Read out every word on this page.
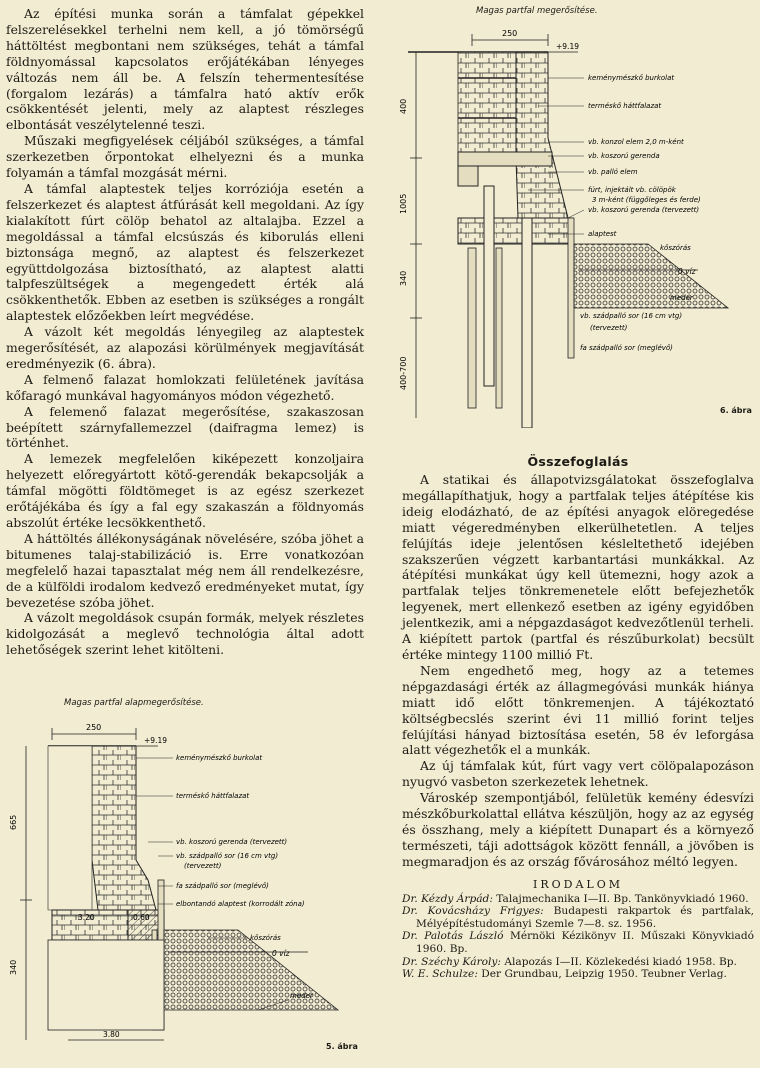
Az építési munka során a támfalat gépekkel felszerelésekkel terhelni nem kell, a jó tömörségű háttöltést megbontani nem szükséges, tehát a támfal földnyomással kapcsolatos erőjátékában lényeges változás nem áll be. A felszín tehermentesítése (forgalom lezárás) a támfalra ható aktív erők csökkentését jelenti, mely az alaptest részleges elbontását veszélytelenné teszi.

Műszaki megfigyelések céljából szükséges, a támfal szerkezetben őrpontokat elhelyezni és a munka folyamán a támfal mozgását mérni.

A támfal alaptestek teljes korróziója esetén a felszerkezet és alaptest átfúrását kell megoldani. Az így kialakított fúrt cölöp behatol az altalajba. Ezzel a megoldással a támfal elcsúszás és kiborulás elleni biztonsága megnő, az alaptest és felszerkezet együttdolgozása biztosítható, az alaptest alatti talpfeszültségek a megengedett érték alá csökkenthetők. Ebben az esetben is szükséges a rongált alaptestek előzőekben leírt megvédése.

A vázolt két megoldás lényegileg az alaptestek megerősítését, az alapozási körülmények megjavítását eredményezik (6. ábra).

A felmenő falazat homlokzati felületének javítása kőfaragó munkával hagyományos módon végezhető.

A felemenő falazat megerősítése, szakaszosan beépített szárnyfallemezzel (daifragma lemez) is történhet.

A lemezek megfelelően kiképezett konzoljaira helyezett előregyártott kötő-gerendák bekapcsolják a támfal mögötti földtömeget is az egész szerkezet erőtájékába és így a fal egy szakaszán a földnyomás abszolút értéke lecsökkenthető.

A háttöltés állékonyságának növelésére, szóba jöhet a bitumenes talaj-stabilizáció is. Erre vonatkozóan megfelelő hazai tapasztalat még nem áll rendelkezésre, de a külföldi irodalom kedvező eredményeket mutat, így bevezetése szóba jöhet.

A vázolt megoldások csupán formák, melyek részletes kidolgozását a meglevő technológia által adott lehetőségek szerint lehet kitölteni.

Magas partfal alapmegerősítése.
250
+9.19
665
340
3.20	0.60
3.80
keménymészkő burkolat
terméskő háttfalazat
vb. koszorú gerenda (tervezett)
vb. szádpalló sor (16 cm vtg)
(tervezett)
fa szádpalló sor (meglévő)
elbontandó alaptest (korrodált zóna)
kőszórás
0 víz
meder
5. ábra
Magas partfal megerősítése.
250
+9.19
400
1005
340
400-700
keménymészkő burkolat
terméskő háttfalazat
vb. konzol elem 2,0 m-ként
vb. koszorú gerenda
vb. palló elem
fúrt, injektált vb. cölöpök
3 m-ként (függőleges és ferde)
vb. koszorú gerenda (tervezett)
alaptest
kőszórás
0 víz
meder
vb. szádpalló sor (16 cm vtg)
(tervezett)
fa szádpalló sor (meglévő)
6. ábra
Összefoglalás

A statikai és állapotvizsgálatokat összefoglalva megállapíthatjuk, hogy a partfalak teljes átépítése kis ideig elodázható, de az építési anyagok elöregedése miatt végeredményben elkerülhetetlen. A teljes felújítás ideje jelentősen késleltethető idejében szakszerűen végzett karbantartási munkákkal. Az átépítési munkákat úgy kell ütemezni, hogy azok a partfalak teljes tönkremenetele előtt befejezhetők legyenek, mert ellenkező esetben az igény egyidőben jelentkezik, ami a népgazdaságot kedvezőtlenül terheli. A kiépített partok (partfal és részűburkolat) becsült értéke mintegy 1100 millió Ft.

Nem engedhető meg, hogy az a tetemes népgazdasági érték az állagmegóvási munkák hiánya miatt idő előtt tönkremenjen. A tájékoztató költségbecslés szerint évi 11 millió forint teljes felújítási hányad biztosítása esetén, 58 év leforgása alatt végezhetők el a munkák.

Az új támfalak kút, fúrt vagy vert cölöpalapozáson nyugvó vasbeton szerkezetek lehetnek.

Városkép szempontjából, felületük kemény édesvízi mészkőburkolattal ellátva készüljön, hogy az az egység és összhang, mely a kiépített Dunapart és a környező természeti, táji adottságok között fennáll, a jövőben is megmaradjon és az ország fővárosához méltó legyen.

IRODALOM

Dr. Kézdy Árpád: Talajmechanika I—II. Bp. Tankönyvkiadó 1960.

Dr. Kovácsházy Frigyes: Budapesti rakpartok és partfalak, Mélyépítéstudományi Szemle 7—8. sz. 1956.

Dr. Palotás László Mérnöki Kézikönyv II. Műszaki Könyvkiadó 1960. Bp.

Dr. Széchy Károly: Alapozás I—II. Közlekedési kiadó 1958. Bp.

W. E. Schulze: Der Grundbau, Leipzig 1950. Teubner Verlag.
